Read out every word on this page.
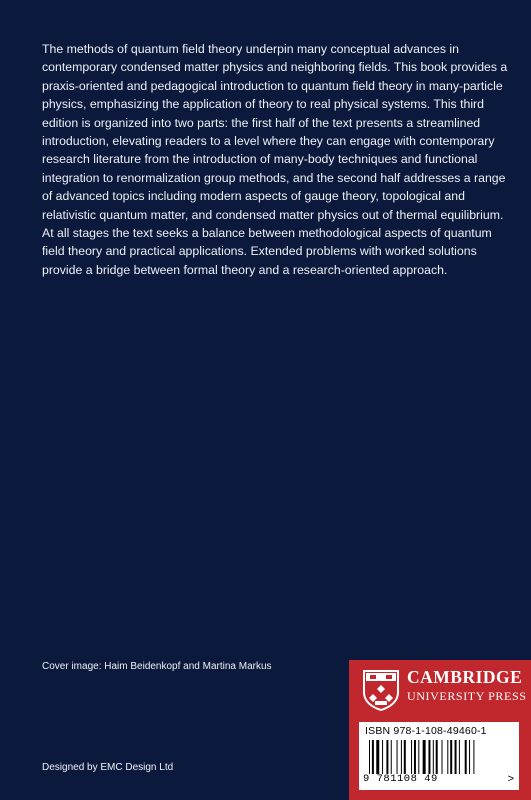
The methods of quantum field theory underpin many conceptual advances in contemporary condensed matter physics and neighboring fields. This book provides a praxis-oriented and pedagogical introduction to quantum field theory in many-particle physics, emphasizing the application of theory to real physical systems. This third edition is organized into two parts: the first half of the text presents a streamlined introduction, elevating readers to a level where they can engage with contemporary research literature from the introduction of many-body techniques and functional integration to renormalization group methods, and the second half addresses a range of advanced topics including modern aspects of gauge theory, topological and relativistic quantum matter, and condensed matter physics out of thermal equilibrium. At all stages the text seeks a balance between methodological aspects of quantum field theory and practical applications. Extended problems with worked solutions provide a bridge between formal theory and a research-oriented approach.

Cover image: Haim Beidenkopf and Martina Markus
Designed by EMC Design Ltd
CAMBRIDGE
UNIVERSITY PRESS
ISBN 978-1-108-49460-1
9 781108 49	>
